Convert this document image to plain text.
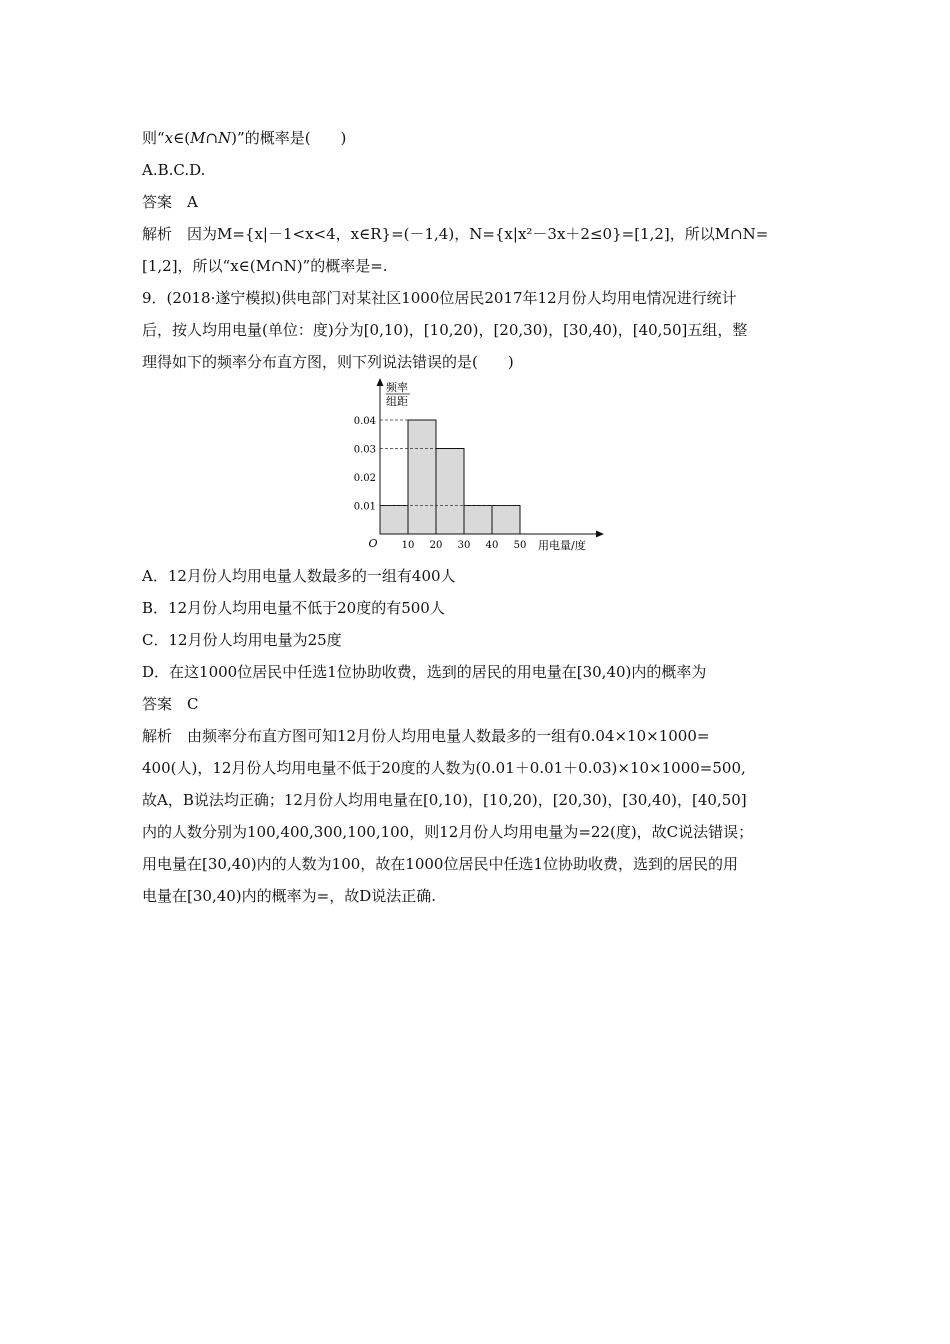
则“x∈(M∩N)”的概率是(　　)
A.B.C.D.
答案　A
解析　因为M={x|－1<x<4，x∈R}=(－1,4)，N={x|x²－3x＋2≤0}=[1,2]，所以M∩N=
[1,2]，所以“x∈(M∩N)”的概率是=.
9．(2018·遂宁模拟)供电部门对某社区1000位居民2017年12月份人均用电情况进行统计
后，按人均用电量(单位：度)分为[0,10)，[10,20)，[20,30)，[30,40)，[40,50]五组，整
理得如下的频率分布直方图，则下列说法错误的是(　　)
频率
组距
O	用电量/度
0.01
0.02
0.03
0.04
10 20 30 40 50
A．12月份人均用电量人数最多的一组有400人
B．12月份人均用电量不低于20度的有500人
C．12月份人均用电量为25度
D．在这1000位居民中任选1位协助收费，选到的居民的用电量在[30,40)内的概率为
答案　C
解析　由频率分布直方图可知12月份人均用电量人数最多的一组有0.04×10×1000=
400(人)，12月份人均用电量不低于20度的人数为(0.01＋0.01＋0.03)×10×1000=500,
故A，B说法均正确；12月份人均用电量在[0,10)，[10,20)，[20,30)，[30,40)，[40,50]
内的人数分别为100,400,300,100,100，则12月份人均用电量为=22(度)，故C说法错误；
用电量在[30,40)内的人数为100，故在1000位居民中任选1位协助收费，选到的居民的用
电量在[30,40)内的概率为=，故D说法正确.
